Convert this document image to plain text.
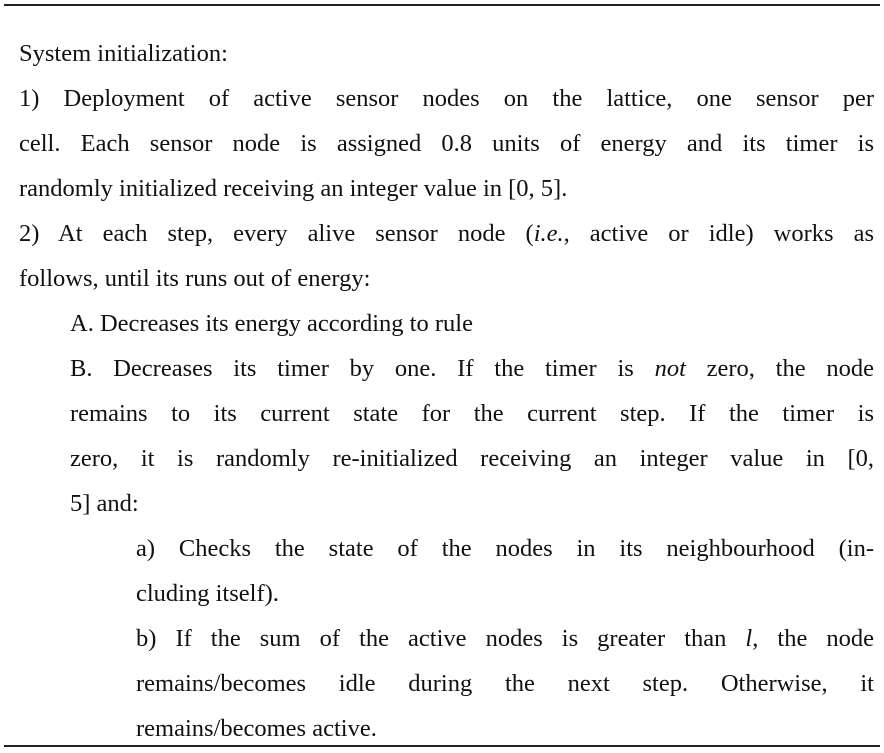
System initialization:

1) Deployment of active sensor nodes on the lattice, one sensor per

cell. Each sensor node is assigned 0.8 units of energy and its timer is

randomly initialized receiving an integer value in [0, 5].

2) At each step, every alive sensor node (i.e., active or idle) works as

follows, until its runs out of energy:

A. Decreases its energy according to rule

B. Decreases its timer by one. If the timer is not zero, the node

remains to its current state for the current step. If the timer is

zero, it is randomly re-initialized receiving an integer value in [0,

5] and:

a) Checks the state of the nodes in its neighbourhood (in-

cluding itself).

b) If the sum of the active nodes is greater than l, the node

remains/becomes idle during the next step. Otherwise, it

remains/becomes active.
